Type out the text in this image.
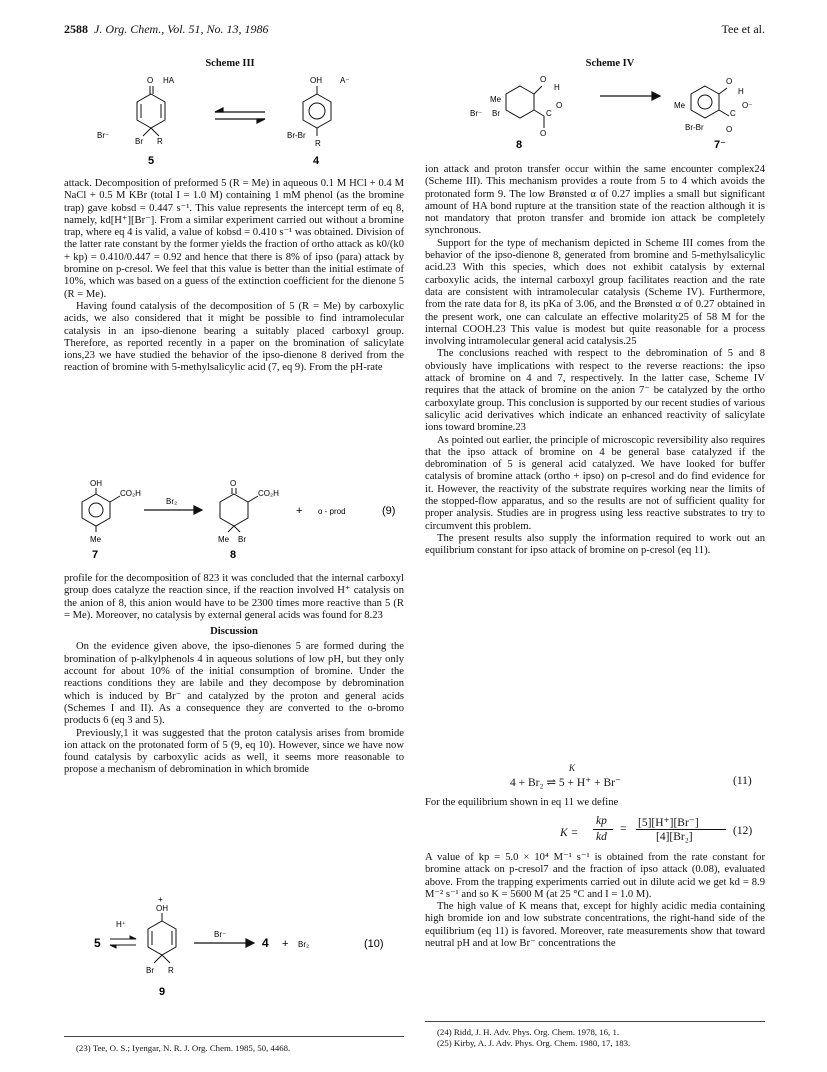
2588 J. Org. Chem., Vol. 51, No. 13, 1986	Tee et al.
Scheme III
O HA
Br⁻
Br R
5
OH A⁻
Br-Br
R
4
Scheme IV
O
H
Me
Br⁻ Br	C
O
O
8
O
H
Me
C
O⁻
Br-Br	O
7⁻

attack. Decomposition of preformed 5 (R = Me) in aqueous 0.1 M HCl + 0.4 M NaCl + 0.5 M KBr (total I = 1.0 M) containing 1 mM phenol (as the bromine trap) gave kobsd = 0.447 s⁻¹. This value represents the intercept term of eq 8, namely, kd[H⁺][Br⁻]. From a similar experiment carried out without a bromine trap, where eq 4 is valid, a value of kobsd = 0.410 s⁻¹ was obtained. Division of the latter rate constant by the former yields the fraction of ortho attack as k0/(k0 + kp) = 0.410/0.447 = 0.92 and hence that there is 8% of ipso (para) attack by bromine on p-cresol. We feel that this value is better than the initial estimate of 10%, which was based on a guess of the extinction coefficient for the dienone 5 (R = Me).

Having found catalysis of the decomposition of 5 (R = Me) by carboxylic acids, we also considered that it might be possible to find intramolecular catalysis in an ipso-dienone bearing a suitably placed carboxyl group. Therefore, as reported recently in a paper on the bromination of salicylate ions,23 we have studied the behavior of the ipso-dienone 8 derived from the reaction of bromine with 5-methylsalicylic acid (7, eq 9). From the pH-rate

OH
CO₂H
Me
Br₂
O
CO₂H
Me Br
+ o - prod	(9)
7	8

profile for the decomposition of 823 it was concluded that the internal carboxyl group does catalyze the reaction since, if the reaction involved H⁺ catalysis on the anion of 8, this anion would have to be 2300 times more reactive than 5 (R = Me). Moreover, no catalysis by external general acids was found for 8.23

Discussion

On the evidence given above, the ipso-dienones 5 are formed during the bromination of p-alkylphenols 4 in aqueous solutions of low pH, but they only account for about 10% of the initial consumption of bromine. Under the reactions conditions they are labile and they decompose by debromination which is induced by Br⁻ and catalyzed by the proton and general acids (Schemes I and II). As a consequence they are converted to the o-bromo products 6 (eq 3 and 5).

Previously,1 it was suggested that the proton catalysis arises from bromide ion attack on the protonated form of 5 (9, eq 10). However, since we have now found catalysis by carboxylic acids as well, it seems more reasonable to propose a mechanism of debromination in which bromide

5
H⁺
+
OH
Br R
9
Br⁻
4 + Br₂	(10)

ion attack and proton transfer occur within the same encounter complex24 (Scheme III). This mechanism provides a route from 5 to 4 which avoids the protonated form 9. The low Brønsted α of 0.27 implies a small but significant amount of HA bond rupture at the transition state of the reaction although it is not mandatory that proton transfer and bromide ion attack be completely synchronous.

Support for the type of mechanism depicted in Scheme III comes from the behavior of the ipso-dienone 8, generated from bromine and 5-methylsalicylic acid.23 With this species, which does not exhibit catalysis by external carboxylic acids, the internal carboxyl group facilitates reaction and the rate data are consistent with intramolecular catalysis (Scheme IV). Furthermore, from the rate data for 8, its pKa of 3.06, and the Brønsted α of 0.27 obtained in the present work, one can calculate an effective molarity25 of 58 M for the internal COOH.23 This value is modest but quite reasonable for a process involving intramolecular general acid catalysis.25

The conclusions reached with respect to the debromination of 5 and 8 obviously have implications with respect to the reverse reactions: the ipso attack of bromine on 4 and 7, respectively. In the latter case, Scheme IV requires that the attack of bromine on the anion 7⁻ be catalyzed by the ortho carboxylate group. This conclusion is supported by our recent studies of various salicylic acid derivatives which indicate an enhanced reactivity of salicylate ions toward bromine.23

As pointed out earlier, the principle of microscopic reversibility also requires that the ipso attack of bromine on 4 be general base catalyzed if the debromination of 5 is general acid catalyzed. We have looked for buffer catalysis of bromine attack (ortho + ipso) on p-cresol and do find evidence for it. However, the reactivity of the substrate requires working near the limits of the stopped-flow apparatus, and so the results are not of sufficient quality for proper analysis. Studies are in progress using less reactive substrates to try to circumvent this problem.

The present results also supply the information required to work out an equilibrium constant for ipso attack of bromine on p-cresol (eq 11).

4 + Br₂ ⇌ 5 + H⁺ + Br⁻
K
(11)

For the equilibrium shown in eq 11 we define

K =
kp
kd
= [5][H⁺][Br⁻]
[4][Br₂]	(12)

A value of kp = 5.0 × 10⁴ M⁻¹ s⁻¹ is obtained from the rate constant for bromine attack on p-cresol7 and the fraction of ipso attack (0.08), evaluated above. From the trapping experiments carried out in dilute acid we get kd = 8.9 M⁻² s⁻¹ and so K = 5600 M (at 25 °C and I = 1.0 M).

The high value of K means that, except for highly acidic media containing high bromide ion and low substrate concentrations, the right-hand side of the equilibrium (eq 11) is favored. Moreover, rate measurements show that toward neutral pH and at low Br⁻ concentrations the

(23) Tee, O. S.; Iyengar, N. R. J. Org. Chem. 1985, 50, 4468.
(24) Ridd, J. H. Adv. Phys. Org. Chem. 1978, 16, 1.
(25) Kirby, A. J. Adv. Phys. Org. Chem. 1980, 17, 183.
